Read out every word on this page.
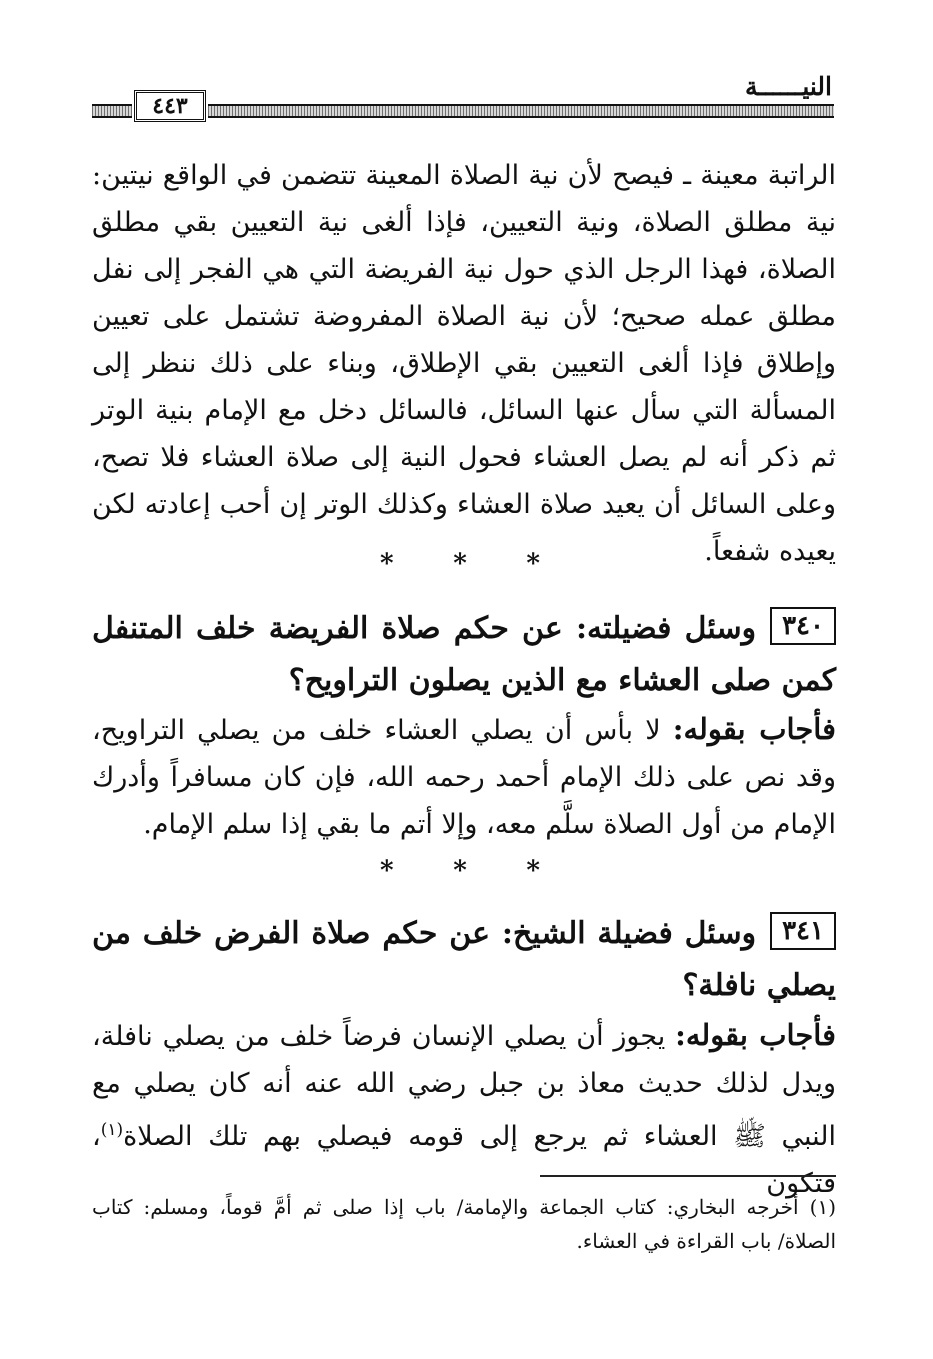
النيــــــة
٤٤٣
الراتبة معينة ـ فيصح لأن نية الصلاة المعينة تتضمن في الواقع نيتين: نية مطلق الصلاة، ونية التعيين، فإذا ألغى نية التعيين بقي مطلق الصلاة، فهذا الرجل الذي حول نية الفريضة التي هي الفجر إلى نفل مطلق عمله صحيح؛ لأن نية الصلاة المفروضة تشتمل على تعيين وإطلاق فإذا ألغى التعيين بقي الإطلاق، وبناء على ذلك ننظر إلى المسألة التي سأل عنها السائل، فالسائل دخل مع الإمام بنية الوتر ثم ذكر أنه لم يصل العشاء فحول النية إلى صلاة العشاء فلا تصح، وعلى السائل أن يعيد صلاة العشاء وكذلك الوتر إن أحب إعادته لكن يعيده شفعاً.
* * *
٣٤٠وسئل فضيلته: عن حكم صلاة الفريضة خلف المتنفل كمن صلى العشاء مع الذين يصلون التراويح؟
فأجاب بقوله: لا بأس أن يصلي العشاء خلف من يصلي التراويح، وقد نص على ذلك الإمام أحمد رحمه الله، فإن كان مسافراً وأدرك الإمام من أول الصلاة سلَّم معه، وإلا أتم ما بقي إذا سلم الإمام.
* * *
٣٤١وسئل فضيلة الشيخ: عن حكم صلاة الفرض خلف من يصلي نافلة؟
فأجاب بقوله: يجوز أن يصلي الإنسان فرضاً خلف من يصلي نافلة، ويدل لذلك حديث معاذ بن جبل رضي الله عنه أنه كان يصلي مع النبي ﷺ العشاء ثم يرجع إلى قومه فيصلي بهم تلك الصلاة$^{(١)}$، فتكون
(١) أخرجه البخاري: كتاب الجماعة والإمامة/ باب إذا صلى ثم أمَّ قوماً، ومسلم: كتاب الصلاة/ باب القراءة في العشاء.
